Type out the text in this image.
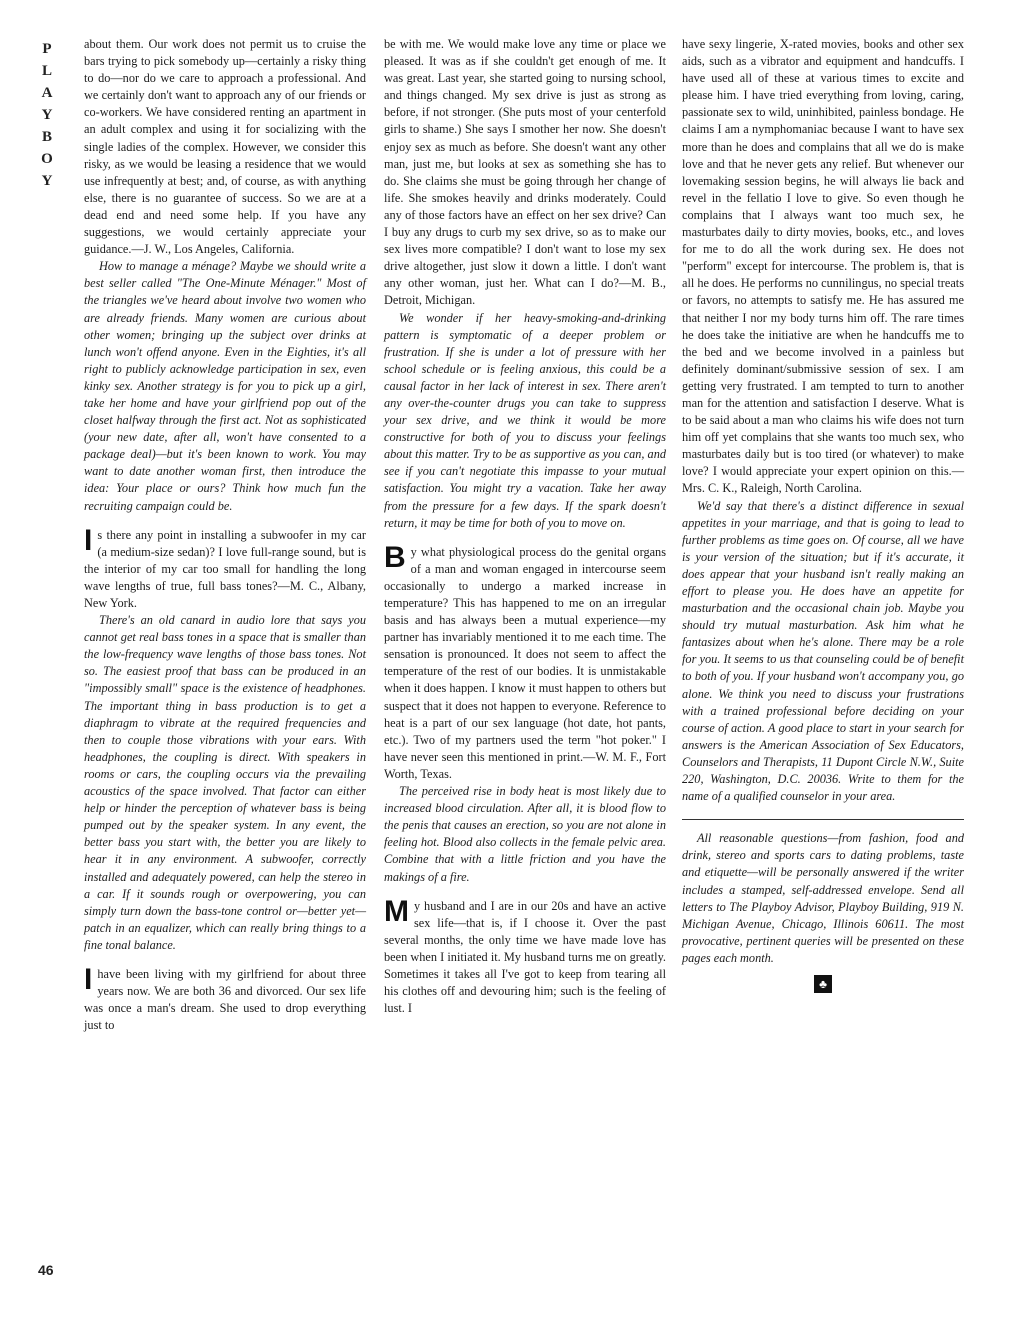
P
L
A
Y
B
O
Y
46

about them. Our work does not permit us to cruise the bars trying to pick somebody up—certainly a risky thing to do—nor do we care to approach a professional. And we certainly don't want to approach any of our friends or co-workers. We have considered renting an apartment in an adult complex and using it for socializing with the single ladies of the complex. However, we consider this risky, as we would be leasing a residence that we would use infrequently at best; and, of course, as with anything else, there is no guarantee of success. So we are at a dead end and need some help. If you have any suggestions, we would certainly appreciate your guidance.—J. W., Los Angeles, California.

How to manage a ménage? Maybe we should write a best seller called "The One-Minute Ménager." Most of the triangles we've heard about involve two women who are already friends. Many women are curious about other women; bringing up the subject over drinks at lunch won't offend anyone. Even in the Eighties, it's all right to publicly acknowledge participation in sex, even kinky sex. Another strategy is for you to pick up a girl, take her home and have your girlfriend pop out of the closet halfway through the first act. Not as sophisticated (your new date, after all, won't have consented to a package deal)—but it's been known to work. You may want to date another woman first, then introduce the idea: Your place or ours? Think how much fun the recruiting campaign could be.

Is there any point in installing a subwoofer in my car (a medium-size sedan)? I love full-range sound, but is the interior of my car too small for handling the long wave lengths of true, full bass tones?—M. C., Albany, New York.

There's an old canard in audio lore that says you cannot get real bass tones in a space that is smaller than the low-frequency wave lengths of those bass tones. Not so. The easiest proof that bass can be produced in an "impossibly small" space is the existence of headphones. The important thing in bass production is to get a diaphragm to vibrate at the required frequencies and then to couple those vibrations with your ears. With headphones, the coupling is direct. With speakers in rooms or cars, the coupling occurs via the prevailing acoustics of the space involved. That factor can either help or hinder the perception of whatever bass is being pumped out by the speaker system. In any event, the better bass you start with, the better you are likely to hear it in any environment. A subwoofer, correctly installed and adequately powered, can help the stereo in a car. If it sounds rough or overpowering, you can simply turn down the bass-tone control or—better yet—patch in an equalizer, which can really bring things to a fine tonal balance.

I have been living with my girlfriend for about three years now. We are both 36 and divorced. Our sex life was once a man's dream. She used to drop everything just to

be with me. We would make love any time or place we pleased. It was as if she couldn't get enough of me. It was great. Last year, she started going to nursing school, and things changed. My sex drive is just as strong as before, if not stronger. (She puts most of your centerfold girls to shame.) She says I smother her now. She doesn't enjoy sex as much as before. She doesn't want any other man, just me, but looks at sex as something she has to do. She claims she must be going through her change of life. She smokes heavily and drinks moderately. Could any of those factors have an effect on her sex drive? Can I buy any drugs to curb my sex drive, so as to make our sex lives more compatible? I don't want to lose my sex drive altogether, just slow it down a little. I don't want any other woman, just her. What can I do?—M. B., Detroit, Michigan.

We wonder if her heavy-smoking-and-drinking pattern is symptomatic of a deeper problem or frustration. If she is under a lot of pressure with her school schedule or is feeling anxious, this could be a causal factor in her lack of interest in sex. There aren't any over-the-counter drugs you can take to suppress your sex drive, and we think it would be more constructive for both of you to discuss your feelings about this matter. Try to be as supportive as you can, and see if you can't negotiate this impasse to your mutual satisfaction. You might try a vacation. Take her away from the pressure for a few days. If the spark doesn't return, it may be time for both of you to move on.

By what physiological process do the genital organs of a man and woman engaged in intercourse seem occasionally to undergo a marked increase in temperature? This has happened to me on an irregular basis and has always been a mutual experience—my partner has invariably mentioned it to me each time. The sensation is pronounced. It does not seem to affect the temperature of the rest of our bodies. It is unmistakable when it does happen. I know it must happen to others but suspect that it does not happen to everyone. Reference to heat is a part of our sex language (hot date, hot pants, etc.). Two of my partners used the term "hot poker." I have never seen this mentioned in print.—W. M. F., Fort Worth, Texas.

The perceived rise in body heat is most likely due to increased blood circulation. After all, it is blood flow to the penis that causes an erection, so you are not alone in feeling hot. Blood also collects in the female pelvic area. Combine that with a little friction and you have the makings of a fire.

My husband and I are in our 20s and have an active sex life—that is, if I choose it. Over the past several months, the only time we have made love has been when I initiated it. My husband turns me on greatly. Sometimes it takes all I've got to keep from tearing all his clothes off and devouring him; such is the feeling of lust. I

have sexy lingerie, X-rated movies, books and other sex aids, such as a vibrator and equipment and handcuffs. I have used all of these at various times to excite and please him. I have tried everything from loving, caring, passionate sex to wild, uninhibited, painless bondage. He claims I am a nymphomaniac because I want to have sex more than he does and complains that all we do is make love and that he never gets any relief. But whenever our lovemaking session begins, he will always lie back and revel in the fellatio I love to give. So even though he complains that I always want too much sex, he masturbates daily to dirty movies, books, etc., and loves for me to do all the work during sex. He does not "perform" except for intercourse. The problem is, that is all he does. He performs no cunnilingus, no special treats or favors, no attempts to satisfy me. He has assured me that neither I nor my body turns him off. The rare times he does take the initiative are when he handcuffs me to the bed and we become involved in a painless but definitely dominant/submissive session of sex. I am getting very frustrated. I am tempted to turn to another man for the attention and satisfaction I deserve. What is to be said about a man who claims his wife does not turn him off yet complains that she wants too much sex, who masturbates daily but is too tired (or whatever) to make love? I would appreciate your expert opinion on this.—Mrs. C. K., Raleigh, North Carolina.

We'd say that there's a distinct difference in sexual appetites in your marriage, and that is going to lead to further problems as time goes on. Of course, all we have is your version of the situation; but if it's accurate, it does appear that your husband isn't really making an effort to please you. He does have an appetite for masturbation and the occasional chain job. Maybe you should try mutual masturbation. Ask him what he fantasizes about when he's alone. There may be a role for you. It seems to us that counseling could be of benefit to both of you. If your husband won't accompany you, go alone. We think you need to discuss your frustrations with a trained professional before deciding on your course of action. A good place to start in your search for answers is the American Association of Sex Educators, Counselors and Therapists, 11 Dupont Circle N.W., Suite 220, Washington, D.C. 20036. Write to them for the name of a qualified counselor in your area.

All reasonable questions—from fashion, food and drink, stereo and sports cars to dating problems, taste and etiquette—will be personally answered if the writer includes a stamped, self-addressed envelope. Send all letters to The Playboy Advisor, Playboy Building, 919 N. Michigan Avenue, Chicago, Illinois 60611. The most provocative, pertinent queries will be presented on these pages each month.

♣
